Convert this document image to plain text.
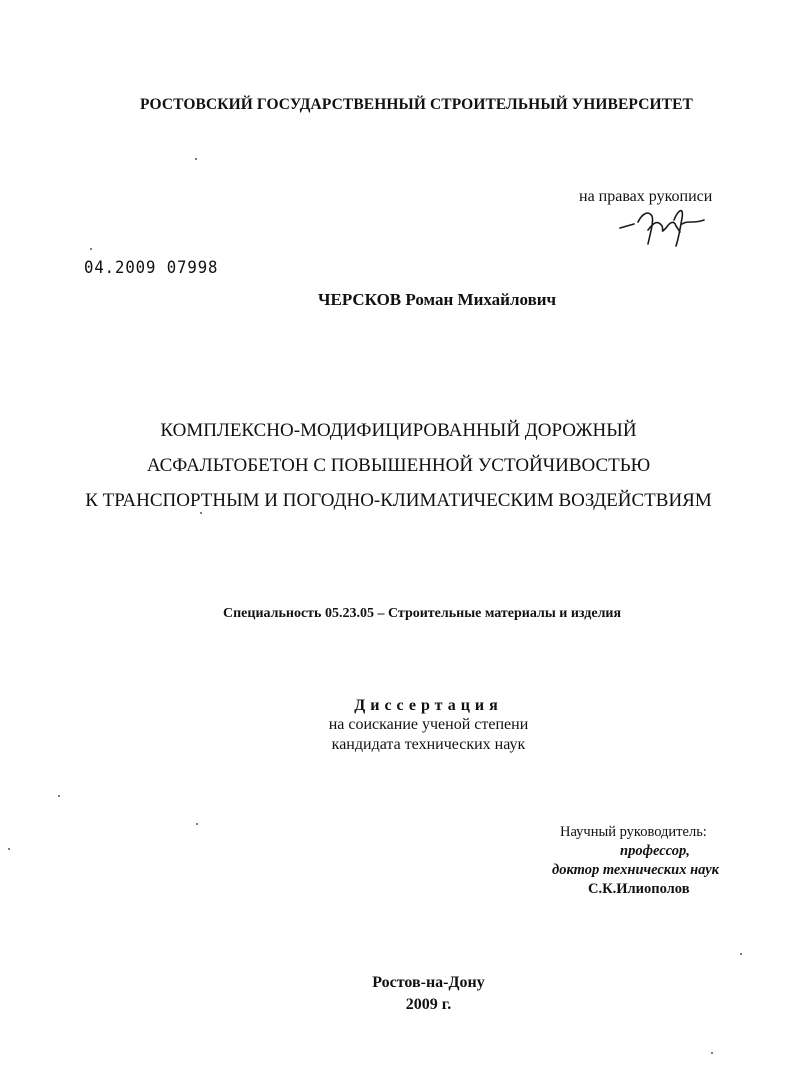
РОСТОВСКИЙ ГОСУДАРСТВЕННЫЙ СТРОИТЕЛЬНЫЙ УНИВЕРСИТЕТ
на правах рукописи
04.2009 07998
ЧЕРСКОВ Роман Михайлович
КОМПЛЕКСНО-МОДИФИЦИРОВАННЫЙ ДОРОЖНЫЙ
АСФАЛЬТОБЕТОН С ПОВЫШЕННОЙ УСТОЙЧИВОСТЬЮ
К ТРАНСПОРТНЫМ И ПОГОДНО-КЛИМАТИЧЕСКИМ ВОЗДЕЙСТВИЯМ
Специальность 05.23.05 – Строительные материалы и изделия
Диссертация
на соискание ученой степени
кандидата технических наук
Научный руководитель:
профессор,
доктор технических наук
С.К.Илиополов
Ростов-на-Дону
2009 г.
